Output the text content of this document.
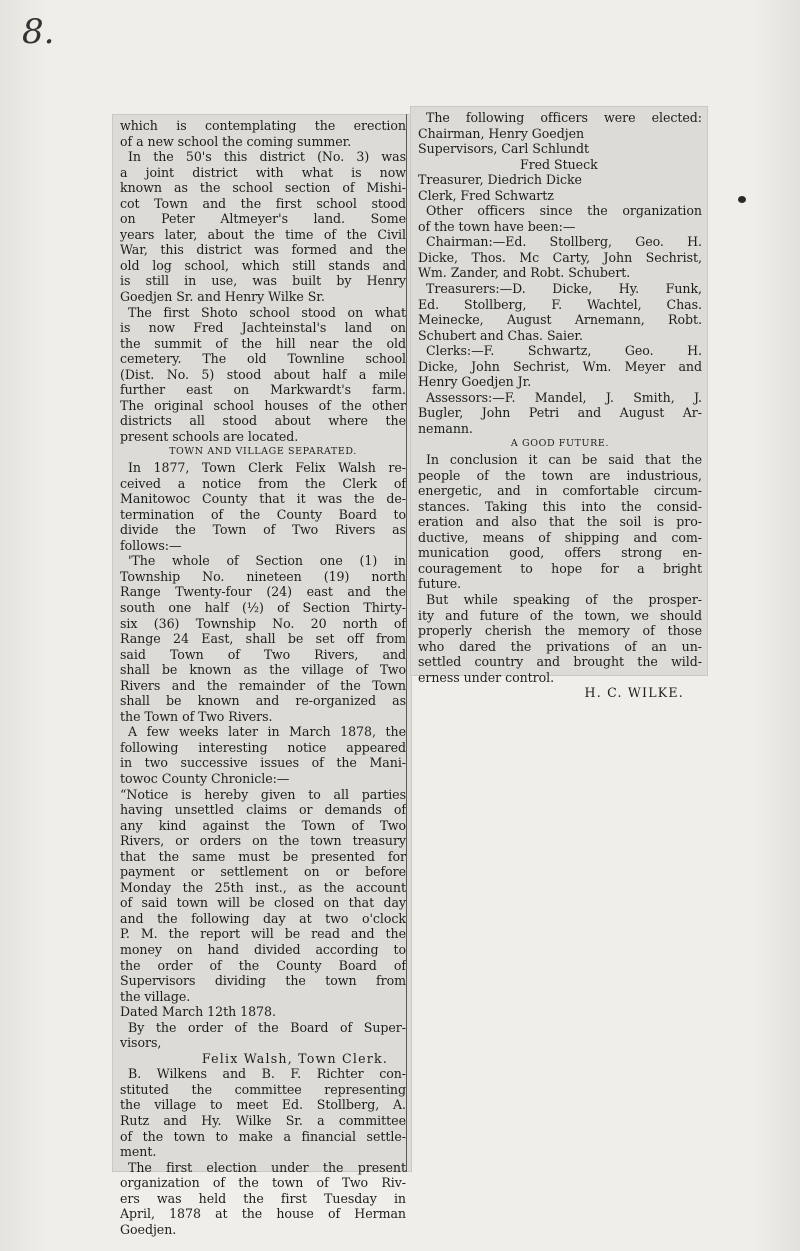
8.
which is contemplating the erection
of a new school the coming summer.
In the 50's this district (No. 3) was
a joint district with what is now
known as the school section of Mishi-
cot Town and the first school stood
on Peter Altmeyer's land. Some
years later, about the time of the Civil
War, this district was formed and the
old log school, which still stands and
is still in use, was built by Henry
Goedjen Sr. and Henry Wilke Sr.
The first Shoto school stood on what
is now Fred Jachteinstal's land on
the summit of the hill near the old
cemetery. The old Townline school
(Dist. No. 5) stood about half a mile
further east on Markwardt's farm.
The original school houses of the other
districts all stood about where the
present schools are located.
TOWN AND VILLAGE SEPARATED.
In 1877, Town Clerk Felix Walsh re-
ceived a notice from the Clerk of
Manitowoc County that it was the de-
termination of the County Board to
divide the Town of Two Rivers as
follows:—
'The whole of Section one (1) in
Township No. nineteen (19) north
Range Twenty-four (24) east and the
south one half (½) of Section Thirty-
six (36) Township No. 20 north of
Range 24 East, shall be set off from
said Town of Two Rivers, and
shall be known as the village of Two
Rivers and the remainder of the Town
shall be known and re-organized as
the Town of Two Rivers.
A few weeks later in March 1878, the
following interesting notice appeared
in two successive issues of the Mani-
towoc County Chronicle:—
“Notice is hereby given to all parties
having unsettled claims or demands of
any kind against the Town of Two
Rivers, or orders on the town treasury
that the same must be presented for
payment or settlement on or before
Monday the 25th inst., as the account
of said town will be closed on that day
and the following day at two o'clock
P. M. the report will be read and the
money on hand divided according to
the order of the County Board of
Supervisors dividing the town from
the village.
Dated March 12th 1878.
By the order of the Board of Super-
visors,
Felix Walsh, Town Clerk.
B. Wilkens and B. F. Richter con-
stituted the committee representing
the village to meet Ed. Stollberg, A.
Rutz and Hy. Wilke Sr. a committee
of the town to make a financial settle-
ment.
The first election under the present
organization of the town of Two Riv-
ers was held the first Tuesday in
April, 1878 at the house of Herman
Goedjen.
The following officers were elected:
Chairman, Henry Goedjen
Supervisors, Carl Schlundt
Fred Stueck
Treasurer, Diedrich Dicke
Clerk, Fred Schwartz
Other officers since the organization
of the town have been:—
Chairman:—Ed. Stollberg, Geo. H.
Dicke, Thos. Mc Carty, John Sechrist,
Wm. Zander, and Robt. Schubert.
Treasurers:—D. Dicke, Hy. Funk,
Ed. Stollberg, F. Wachtel, Chas.
Meinecke, August Arnemann, Robt.
Schubert and Chas. Saier.
Clerks:—F. Schwartz, Geo. H.
Dicke, John Sechrist, Wm. Meyer and
Henry Goedjen Jr.
Assessors:—F. Mandel, J. Smith, J.
Bugler, John Petri and August Ar-
nemann.
A GOOD FUTURE.
In conclusion it can be said that the
people of the town are industrious,
energetic, and in comfortable circum-
stances. Taking this into the consid-
eration and also that the soil is pro-
ductive, means of shipping and com-
munication good, offers strong en-
couragement to hope for a bright
future.
But while speaking of the prosper-
ity and future of the town, we should
properly cherish the memory of those
who dared the privations of an un-
settled country and brought the wild-
erness under control.
H. C. WILKE.
